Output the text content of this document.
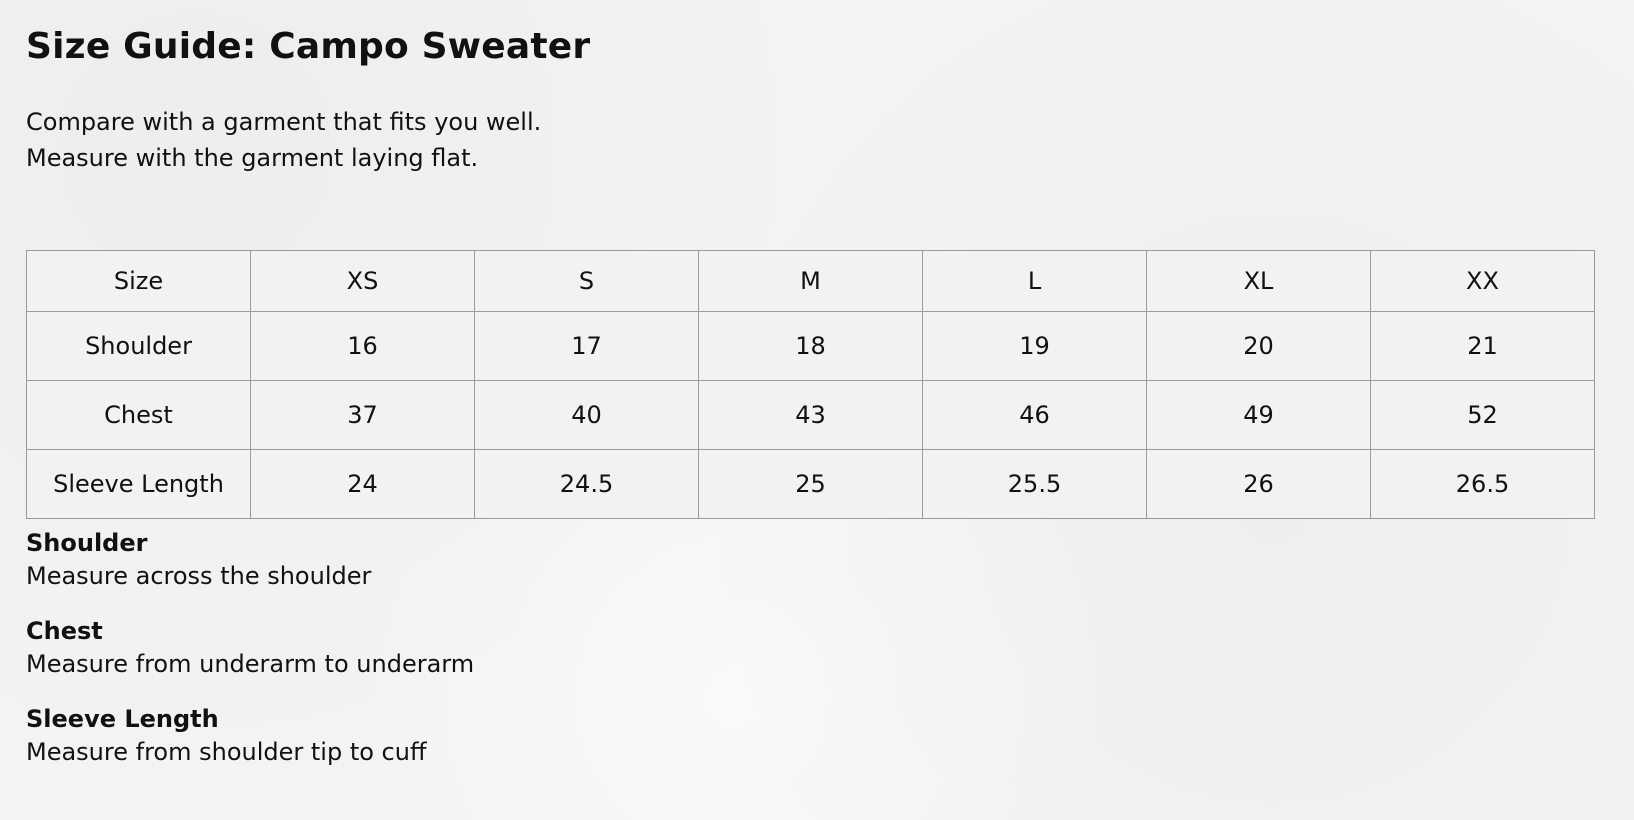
Size Guide: Campo Sweater
Compare with a garment that fits you well.
Measure with the garment laying flat.
Size	XS	S	M	L	XL	XX
Shoulder	16	17	18	19	20	21
Chest	37	40	43	46	49	52
Sleeve Length	24	24.5	25	25.5	26	26.5
Shoulder
Measure across the shoulder
Chest
Measure from underarm to underarm
Sleeve Length
Measure from shoulder tip to cuff
